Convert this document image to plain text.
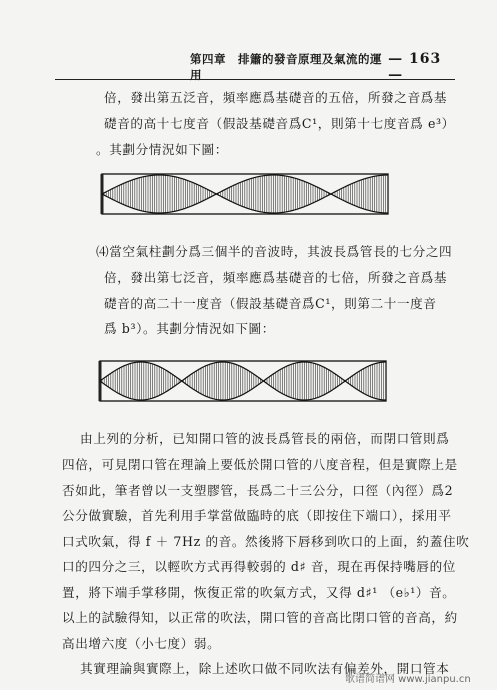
第四章　排簫的發音原理及氣流的運用
— 163 —
倍，發出第五泛音，頻率應爲基礎音的五倍，所發之音爲基
礎音的高十七度音（假設基礎音爲C¹，則第十七度音爲 e³）
。其劃分情況如下圖：
⑷當空氣柱劃分爲三個半的音波時，其波長爲管長的七分之四
倍，發出第七泛音，頻率應爲基礎音的七倍，所發之音爲基
礎音的高二十一度音（假設基礎音爲C¹，則第二十一度音
爲 b³）。其劃分情況如下圖：
由上列的分析，已知開口管的波長爲管長的兩倍，而閉口管則爲
四倍，可見閉口管在理論上要低於開口管的八度音程，但是實際上是
否如此，筆者曾以一支塑膠管，長爲二十三公分，口徑（內徑）爲2
公分做實驗，首先利用手掌當做臨時的底（即按住下端口），採用平
口式吹氣，得 f ＋ 7Hz 的音。然後將下唇移到吹口的上面，約蓋住吹
口的四分之三，以輕吹方式再得較弱的 d♯ 音，現在再保持嘴唇的位
置，將下端手掌移開，恢復正常的吹氣方式，又得 d♯¹ （e♭¹）音。
以上的試驗得知，以正常的吹法，開口管的音高比閉口管的音高，約
高出增六度（小七度）弱。
其實理論與實際上，除上述吹口做不同吹法有偏差外，開口管本
歌谱简谱网 www.jianpu.cn
